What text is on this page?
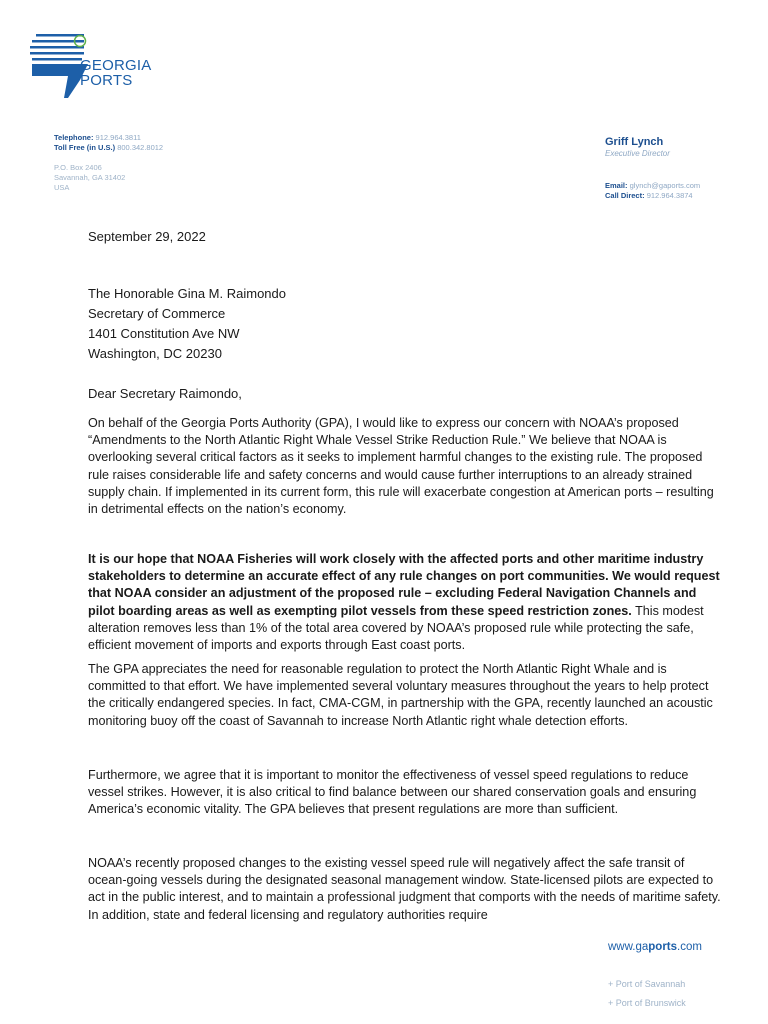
GEORGIA
PORTS
Telephone: 912.964.3811
Toll Free (in U.S.) 800.342.8012
P.O. Box 2406
Savannah, GA 31402
USA
Griff Lynch
Executive Director
Email: glynch@gaports.com
Call Direct: 912.964.3874
September 29, 2022
The Honorable Gina M. Raimondo
Secretary of Commerce
1401 Constitution Ave NW
Washington, DC 20230
Dear Secretary Raimondo,

On behalf of the Georgia Ports Authority (GPA), I would like to express our concern with NOAA’s proposed “Amendments to the North Atlantic Right Whale Vessel Strike Reduction Rule.” We believe that NOAA is overlooking several critical factors as it seeks to implement harmful changes to the existing rule. The proposed rule raises considerable life and safety concerns and would cause further interruptions to an already strained supply chain. If implemented in its current form, this rule will exacerbate congestion at American ports – resulting in detrimental effects on the nation’s economy.

It is our hope that NOAA Fisheries will work closely with the affected ports and other maritime industry stakeholders to determine an accurate effect of any rule changes on port communities. We would request that NOAA consider an adjustment of the proposed rule – excluding Federal Navigation Channels and pilot boarding areas as well as exempting pilot vessels from these speed restriction zones. This modest alteration removes less than 1% of the total area covered by NOAA’s proposed rule while protecting the safe, efficient movement of imports and exports through East coast ports.

The GPA appreciates the need for reasonable regulation to protect the North Atlantic Right Whale and is committed to that effort. We have implemented several voluntary measures throughout the years to help protect the critically endangered species. In fact, CMA-CGM, in partnership with the GPA, recently launched an acoustic monitoring buoy off the coast of Savannah to increase North Atlantic right whale detection efforts.

Furthermore, we agree that it is important to monitor the effectiveness of vessel speed regulations to reduce vessel strikes. However, it is also critical to find balance between our shared conservation goals and ensuring America’s economic vitality. The GPA believes that present regulations are more than sufficient.

NOAA’s recently proposed changes to the existing vessel speed rule will negatively affect the safe transit of ocean-going vessels during the designated seasonal management window. State-licensed pilots are expected to act in the public interest, and to maintain a professional judgment that comports with the needs of maritime safety. In addition, state and federal licensing and regulatory authorities require

www.gaports.com
+ Port of Savannah
+ Port of Brunswick
